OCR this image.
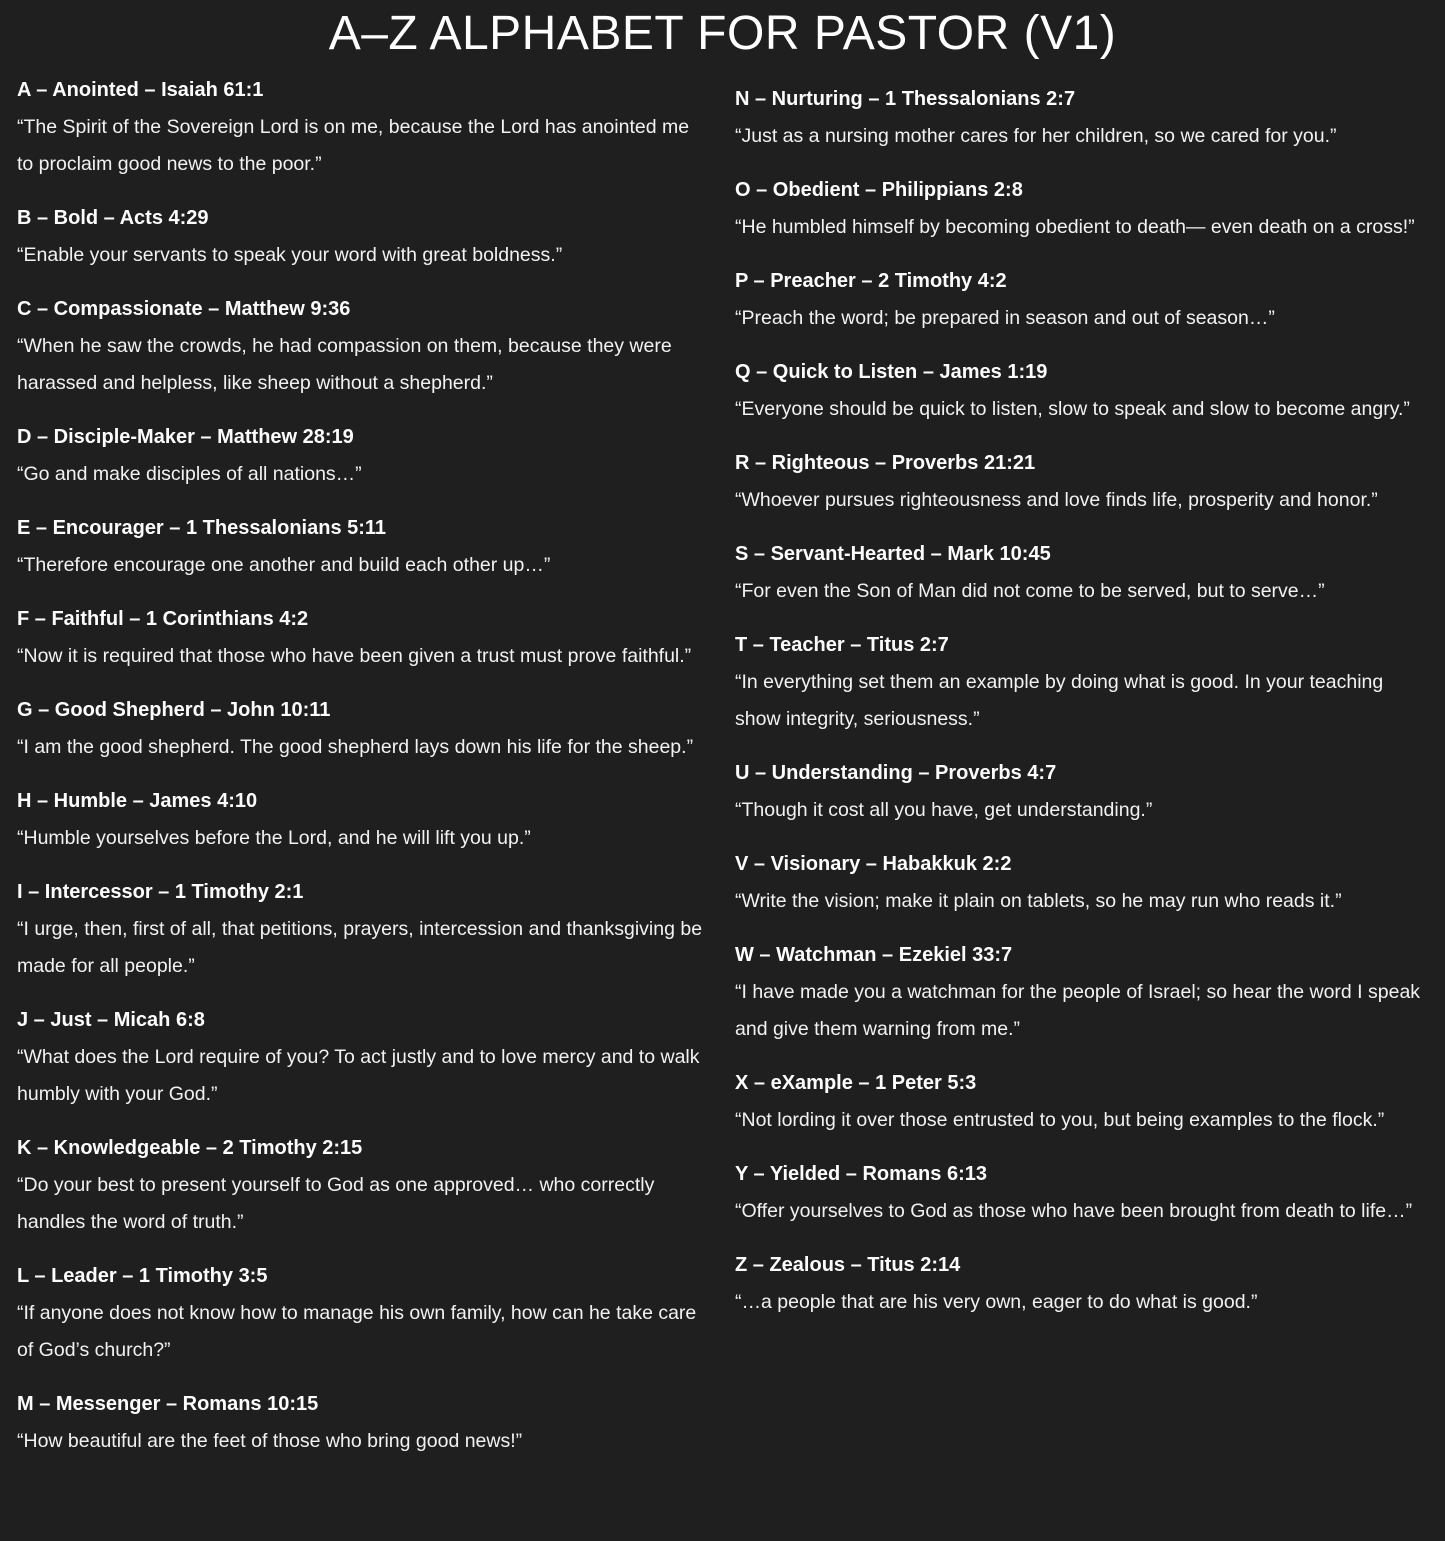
A–Z ALPHABET FOR PASTOR (V1)

A – Anointed – Isaiah 61:1

“The Spirit of the Sovereign Lord is on me, because the Lord has anointed me to proclaim good news to the poor.”

B – Bold – Acts 4:29

“Enable your servants to speak your word with great boldness.”

C – Compassionate – Matthew 9:36

“When he saw the crowds, he had compassion on them, because they were harassed and helpless, like sheep without a shepherd.”

D – Disciple-Maker – Matthew 28:19

“Go and make disciples of all nations…”

E – Encourager – 1 Thessalonians 5:11

“Therefore encourage one another and build each other up…”

F – Faithful – 1 Corinthians 4:2

“Now it is required that those who have been given a trust must prove faithful.”

G – Good Shepherd – John 10:11

“I am the good shepherd. The good shepherd lays down his life for the sheep.”

H – Humble – James 4:10

“Humble yourselves before the Lord, and he will lift you up.”

I – Intercessor – 1 Timothy 2:1

“I urge, then, first of all, that petitions, prayers, intercession and thanksgiving be made for all people.”

J – Just – Micah 6:8

“What does the Lord require of you? To act justly and to love mercy and to walk humbly with your God.”

K – Knowledgeable – 2 Timothy 2:15

“Do your best to present yourself to God as one approved… who correctly handles the word of truth.”

L – Leader – 1 Timothy 3:5

“If anyone does not know how to manage his own family, how can he take care of God’s church?”

M – Messenger – Romans 10:15

“How beautiful are the feet of those who bring good news!”

N – Nurturing – 1 Thessalonians 2:7

“Just as a nursing mother cares for her children, so we cared for you.”

O – Obedient – Philippians 2:8

“He humbled himself by becoming obedient to death— even death on a cross!”

P – Preacher – 2 Timothy 4:2

“Preach the word; be prepared in season and out of season…”

Q – Quick to Listen – James 1:19

“Everyone should be quick to listen, slow to speak and slow to become angry.”

R – Righteous – Proverbs 21:21

“Whoever pursues righteousness and love finds life, prosperity and honor.”

S – Servant-Hearted – Mark 10:45

“For even the Son of Man did not come to be served, but to serve…”

T – Teacher – Titus 2:7

“In everything set them an example by doing what is good. In your teaching show integrity, seriousness.”

U – Understanding – Proverbs 4:7

“Though it cost all you have, get understanding.”

V – Visionary – Habakkuk 2:2

“Write the vision; make it plain on tablets, so he may run who reads it.”

W – Watchman – Ezekiel 33:7

“I have made you a watchman for the people of Israel; so hear the word I speak and give them warning from me.”

X – eXample – 1 Peter 5:3

“Not lording it over those entrusted to you, but being examples to the flock.”

Y – Yielded – Romans 6:13

“Offer yourselves to God as those who have been brought from death to life…”

Z – Zealous – Titus 2:14

“…a people that are his very own, eager to do what is good.”
